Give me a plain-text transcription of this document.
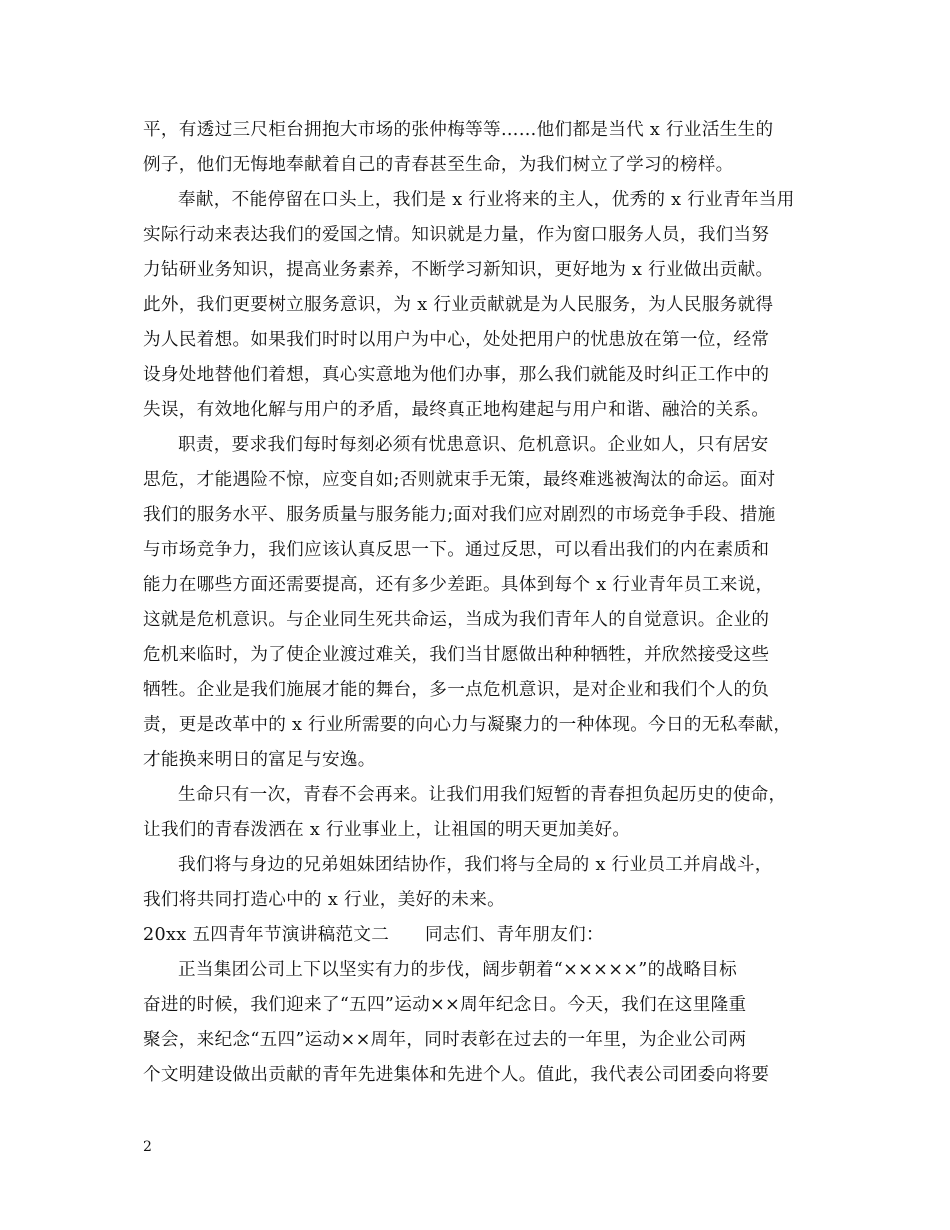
平，有透过三尺柜台拥抱大市场的张仲梅等等……他们都是当代 x 行业活生生的
例子，他们无悔地奉献着自己的青春甚至生命，为我们树立了学习的榜样。
奉献，不能停留在口头上，我们是 x 行业将来的主人，优秀的 x 行业青年当用
实际行动来表达我们的爱国之情。知识就是力量，作为窗口服务人员，我们当努
力钻研业务知识，提高业务素养，不断学习新知识，更好地为 x 行业做出贡献。
此外，我们更要树立服务意识，为 x 行业贡献就是为人民服务，为人民服务就得
为人民着想。如果我们时时以用户为中心，处处把用户的忧患放在第一位，经常
设身处地替他们着想，真心实意地为他们办事，那么我们就能及时纠正工作中的
失误，有效地化解与用户的矛盾，最终真正地构建起与用户和谐、融洽的关系。
职责，要求我们每时每刻必须有忧患意识、危机意识。企业如人，只有居安
思危，才能遇险不惊，应变自如;否则就束手无策，最终难逃被淘汰的命运。面对
我们的服务水平、服务质量与服务能力;面对我们应对剧烈的市场竞争手段、措施
与市场竞争力，我们应该认真反思一下。通过反思，可以看出我们的内在素质和
能力在哪些方面还需要提高，还有多少差距。具体到每个 x 行业青年员工来说，
这就是危机意识。与企业同生死共命运，当成为我们青年人的自觉意识。企业的
危机来临时，为了使企业渡过难关，我们当甘愿做出种种牺牲，并欣然接受这些
牺牲。企业是我们施展才能的舞台，多一点危机意识，是对企业和我们个人的负
责，更是改革中的 x 行业所需要的向心力与凝聚力的一种体现。今日的无私奉献，
才能换来明日的富足与安逸。
生命只有一次，青春不会再来。让我们用我们短暂的青春担负起历史的使命，
让我们的青春泼洒在 x 行业事业上，让祖国的明天更加美好。
我们将与身边的兄弟姐妹团结协作，我们将与全局的 x 行业员工并肩战斗，
我们将共同打造心中的 x 行业，美好的未来。
20xx 五四青年节演讲稿范文二　　同志们、青年朋友们：
正当集团公司上下以坚实有力的步伐，阔步朝着“×××××”的战略目标
奋进的时候，我们迎来了“五四”运动××周年纪念日。今天，我们在这里隆重
聚会，来纪念“五四”运动××周年，同时表彰在过去的一年里，为企业公司两
个文明建设做出贡献的青年先进集体和先进个人。值此，我代表公司团委向将要
2
